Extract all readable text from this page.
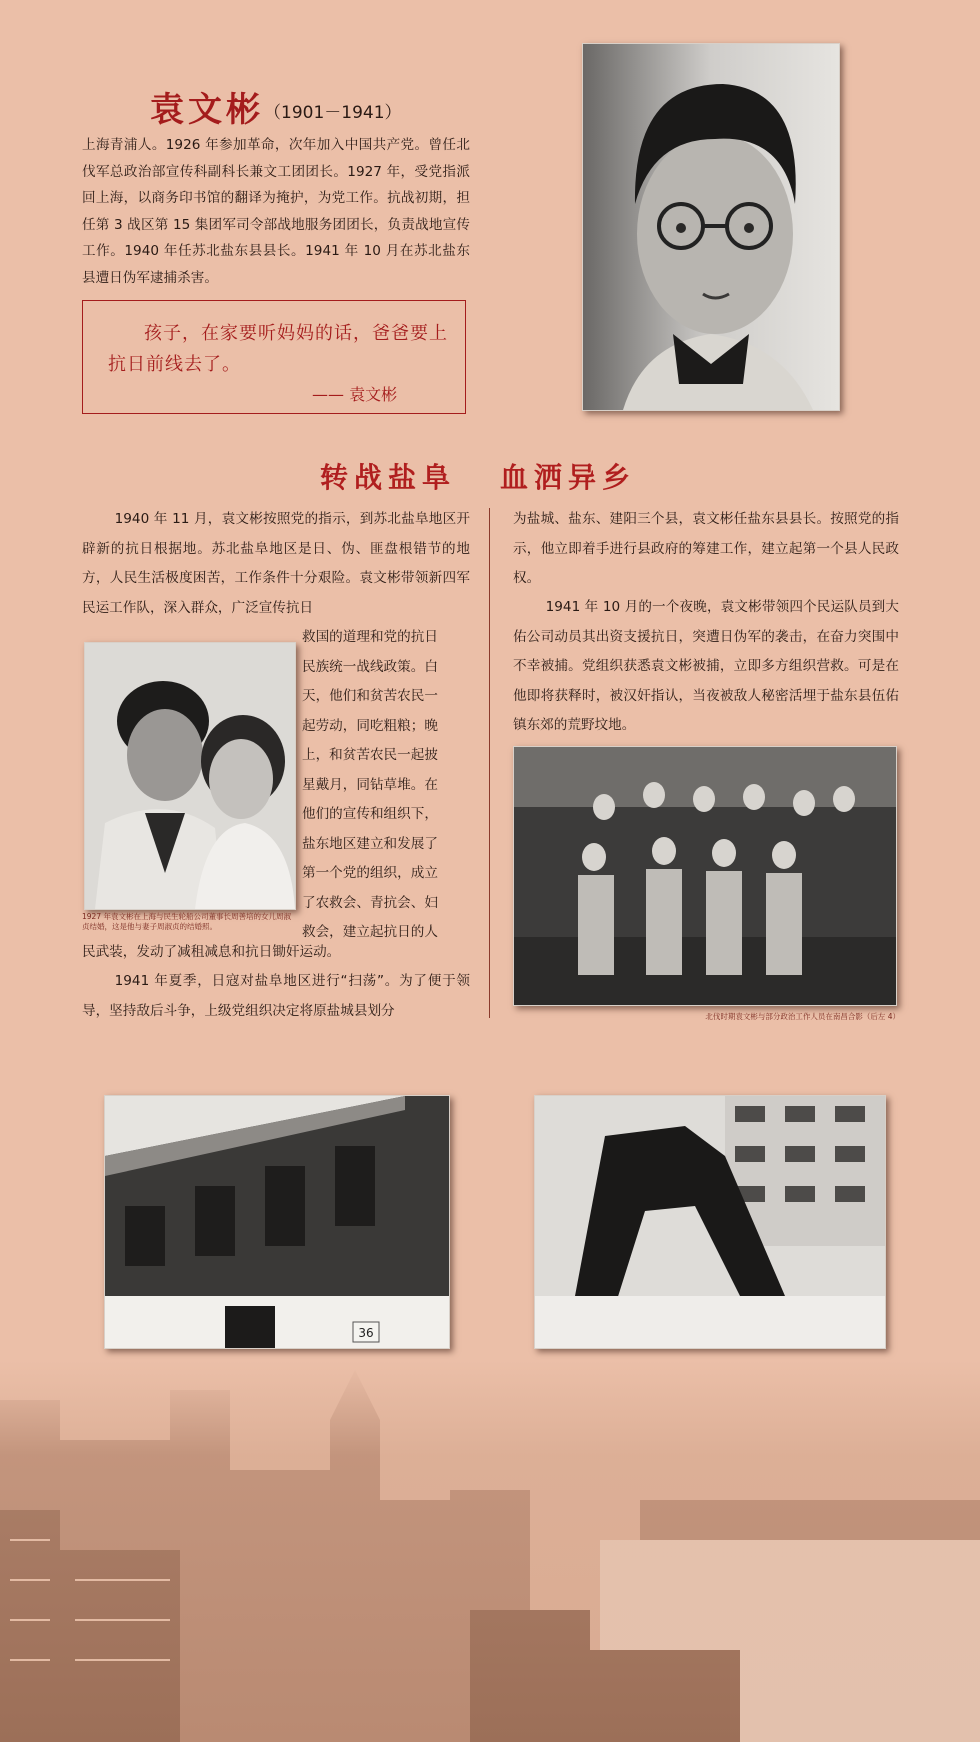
袁文彬 （1901－1941）

上海青浦人。1926 年参加革命，次年加入中国共产党。曾任北伐军总政治部宣传科副科长兼文工团团长。1927 年，受党指派回上海，以商务印书馆的翻译为掩护，为党工作。抗战初期，担任第 3 战区第 15 集团军司令部战地服务团团长，负责战地宣传工作。1940 年任苏北盐东县县长。1941 年 10 月在苏北盐东县遭日伪军逮捕杀害。

孩子，在家要听妈妈的话，爸爸要上抗日前线去了。

—— 袁文彬
转战盐阜 血洒异乡

1940 年 11 月，袁文彬按照党的指示，到苏北盐阜地区开辟新的抗日根据地。苏北盐阜地区是日、伪、匪盘根错节的地方，人民生活极度困苦，工作条件十分艰险。袁文彬带领新四军民运工作队，深入群众，广泛宣传抗日

1927 年袁文彬在上海与民生轮船公司董事长周善培的女儿周淑贞结婚，这是他与妻子周淑贞的结婚照。

救国的道理和党的抗日

民族统一战线政策。白

天，他们和贫苦农民一

起劳动，同吃粗粮；晚

上，和贫苦农民一起披

星戴月，同钻草堆。在

他们的宣传和组织下，

盐东地区建立和发展了

第一个党的组织，成立

了农救会、青抗会、妇

救会，建立起抗日的人

民武装，发动了减租减息和抗日锄奸运动。

1941 年夏季，日寇对盐阜地区进行“扫荡”。为了便于领导，坚持敌后斗争，上级党组织决定将原盐城县划分

为盐城、盐东、建阳三个县，袁文彬任盐东县县长。按照党的指示，他立即着手进行县政府的筹建工作，建立起第一个县人民政权。

1941 年 10 月的一个夜晚，袁文彬带领四个民运队员到大佑公司动员其出资支援抗日，突遭日伪军的袭击，在奋力突围中不幸被捕。党组织获悉袁文彬被捕，立即多方组织营救。可是在他即将获释时，被汉奸指认，当夜被敌人秘密活埋于盐东县伍佑镇东郊的荒野坟地。

北伐时期袁文彬与部分政治工作人员在南昌合影（后左 4）
36
